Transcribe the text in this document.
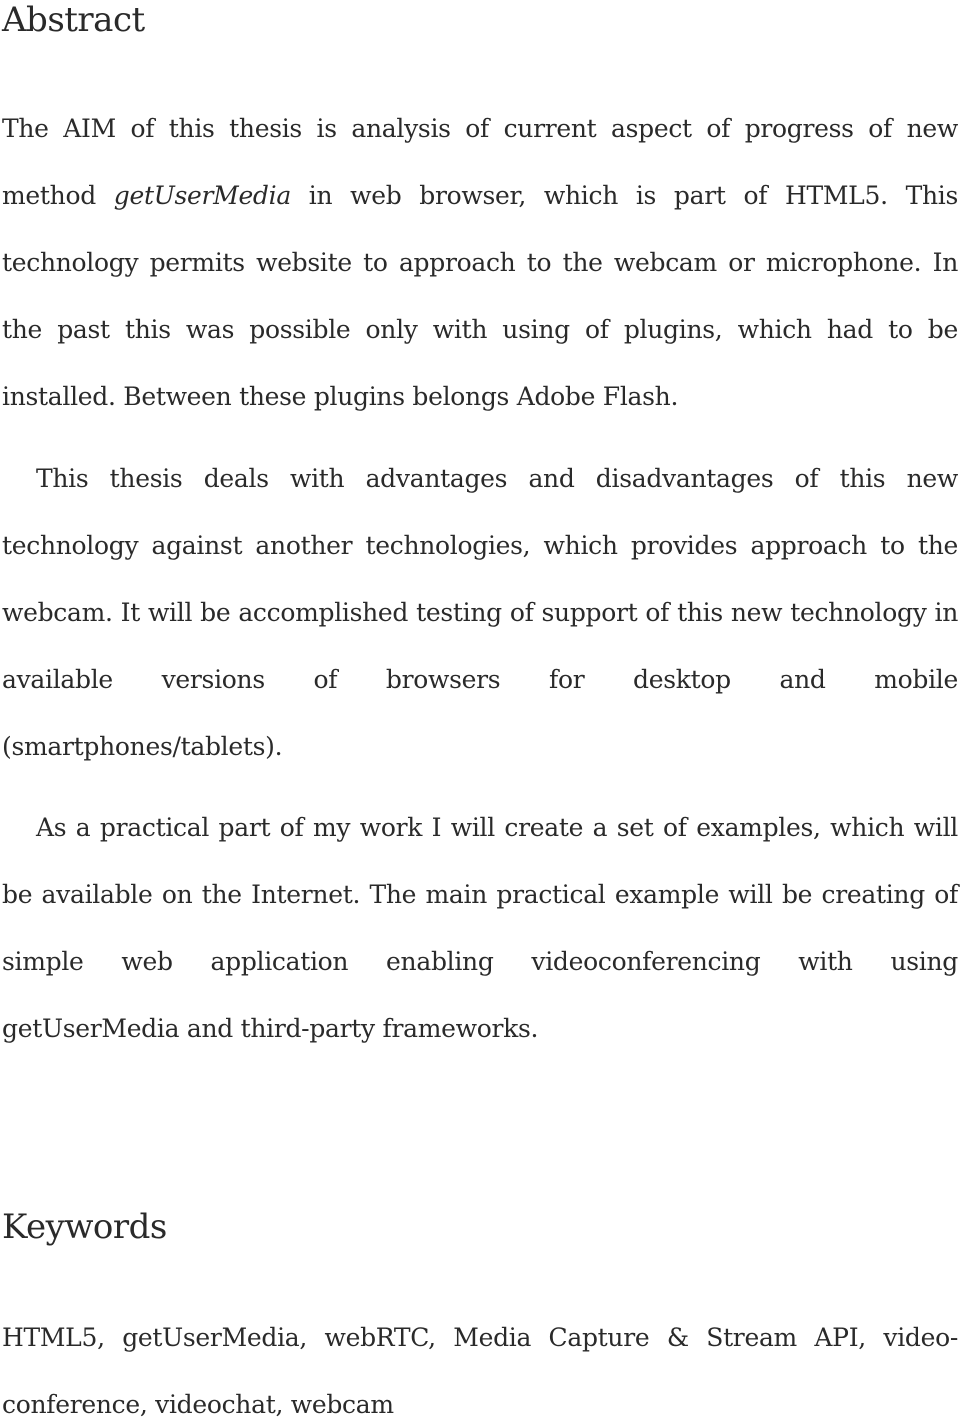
Abstract

The AIM of this thesis is analysis of current aspect of progress of new method getUserMedia in web browser, which is part of HTML5. This technology permits website to approach to the webcam or microphone. In the past this was possible only with using of plugins, which had to be installed. Between these plugins belongs Adobe Flash.

This thesis deals with advantages and disadvantages of this new technology against another technologies, which provides approach to the webcam. It will be accomplished testing of support of this new technology in available versions of browsers for desktop and mobile (smartphones/tablets).

As a practical part of my work I will create a set of examples, which will be available on the Internet. The main practical example will be creating of simple web application enabling videoconferencing with using getUserMedia and third-party frameworks.

Keywords

HTML5, getUserMedia, webRTC, Media Capture & Stream API, video-conference, videochat, webcam
